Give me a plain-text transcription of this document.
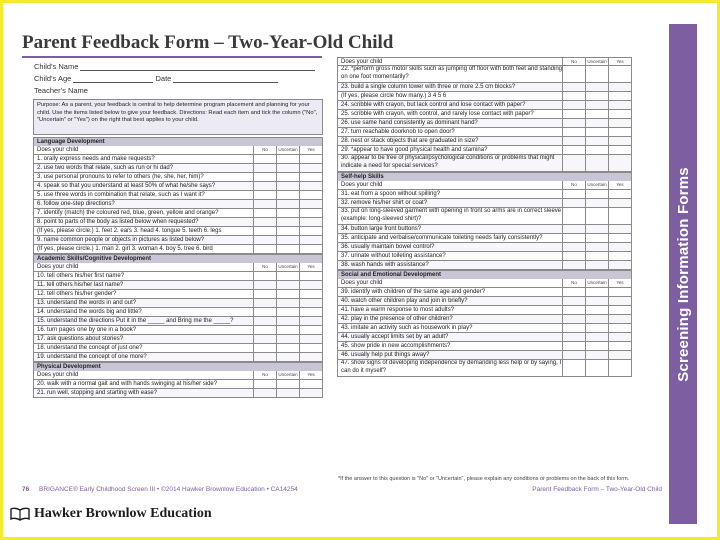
Screening Information Forms
Parent Feedback Form – Two-Year-Old Child
Child's Name
Child's Age	Date
Teacher's Name
Purpose: As a parent, your feedback is central to help determine program placement and planning for your child. Use the items listed below to give your feedback. Directions: Read each item and tick the column ("No", "Uncertain" or "Yes") on the right that best applies to your child.
Language Development
Does your child	No	Uncertain	Yes
1. orally express needs and make requests?
2. use two words that relate, such as run or hi dad?
3. use personal pronouns to refer to others (he, she, her, him)?
4. speak so that you understand at least 50% of what he/she says?
5. use three words in combination that relate, such as I want it?
6. follow one-step directions?
7. identify (match) the coloured red, blue, green, yellow and orange?
8. point to parts of the body as listed below when requested?
(If yes, please circle.) 1. feet 2. ears 3. head 4. tongue 5. teeth 6. legs
9. name common people or objects in pictures as listed below?
(If yes, please circle.) 1. man 2. girl 3. woman 4. boy 5. tree 6. bird
Academic Skills/Cognitive Development
Does your child	No	Uncertain	Yes
10. tell others his/her first name?
11. tell others his/her last name?
12. tell others his/her gender?
13. understand the words in and out?
14. understand the words big and little?
15. understand the directions Put it in the _____ and Bring me the _____?
16. turn pages one by one in a book?
17. ask questions about stories?
18. understand the concept of just one?
19. understand the concept of one more?
Physical Development
Does your child	No	Uncertain	Yes
20. walk with a normal gait and with hands swinging at his/her side?
21. run well, stopping and starting with ease?
Does your child	No	Uncertain	Yes
22. *perform gross motor skills such as jumping off floor with both feet and standing on one foot momentarily?
23. build a single column tower with three or more 2.5 cm blocks?
(If yes, please circle how many.) 3 4 5 6
24. scribble with crayon, but lack control and lose contact with paper?
25. scribble with crayon, with control, and rarely lose contact with paper?
26. use same hand consistently as dominant hand?
27. turn reachable doorknob to open door?
28. nest or stack objects that are graduated in size?
29. *appear to have good physical health and stamina?
30. appear to be free of physical/psychological conditions or problems that might indicate a need for special services?
Self-help Skills
Does your child	No	Uncertain	Yes
31. eat from a spoon without spilling?
32. remove his/her shirt or coat?
33. put on long-sleeved garment with opening in front so arms are in correct sleeve (example: long-sleeved shirt)?
34. button large front buttons?
35. anticipate and verbalise/communicate toileting needs fairly consistently?
36. usually maintain bowel control?
37. urinate without toileting assistance?
38. wash hands with assistance?
Social and Emotional Development
Does your child	No	Uncertain	Yes
39. identify with children of the same age and gender?
40. watch other children play and join in briefly?
41. have a warm response to most adults?
42. play in the presence of other children?
43. imitate an activity such as housework in play?
44. usually accept limits set by an adult?
45. show pride in new accomplishments?
46. usually help put things away?
47. show signs of developing independence by demanding less help or by saying, I can do it myself?
*If the answer to this question is "No" or "Uncertain", please explain any conditions or problems on the back of this form.
76 BRIGANCE® Early Childhood Screen III • ©2014 Hawker Brownlow Education • CA14254	Parent Feedback Form – Two-Year-Old Child
Hawker Brownlow Education
